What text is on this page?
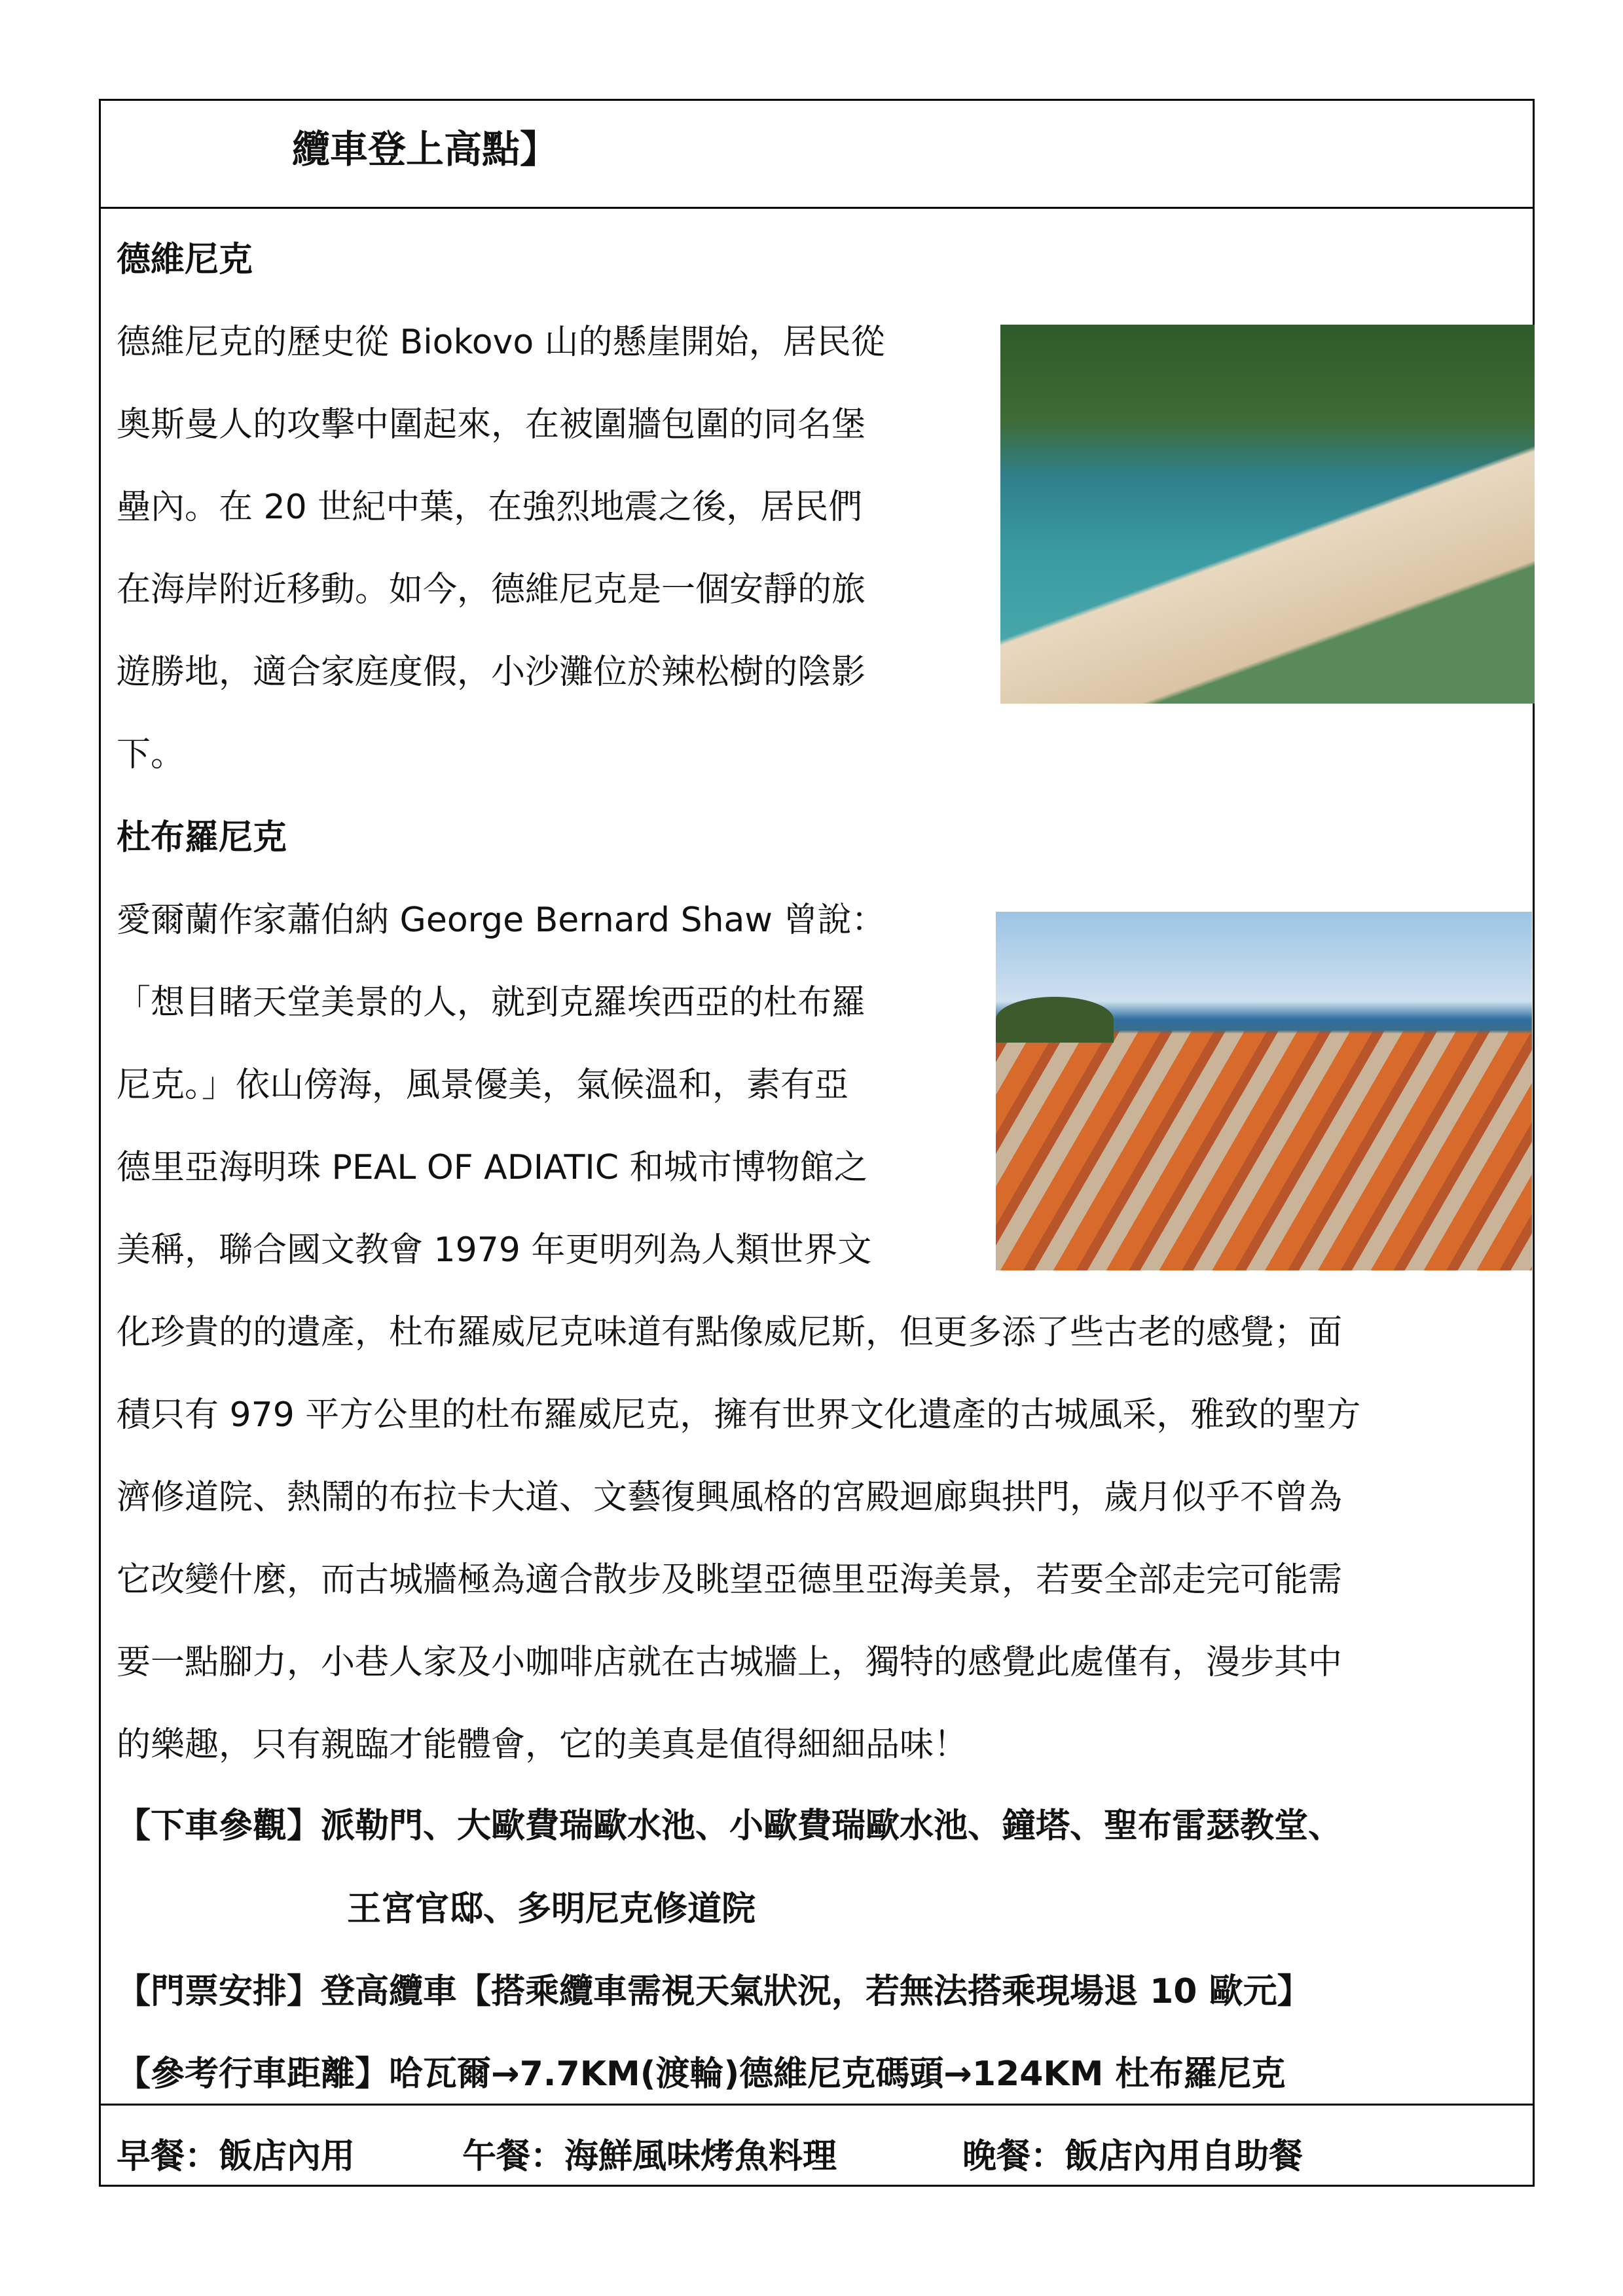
纜車登上高點】
德維尼克
德維尼克的歷史從 Biokovo 山的懸崖開始，居民從
奧斯曼人的攻擊中圍起來，在被圍牆包圍的同名堡
壘內。在 20 世紀中葉，在強烈地震之後，居民們
在海岸附近移動。如今，德維尼克是一個安靜的旅
遊勝地，適合家庭度假，小沙灘位於辣松樹的陰影
下。
杜布羅尼克
愛爾蘭作家蕭伯納 George Bernard Shaw 曾說：
「想目睹天堂美景的人，就到克羅埃西亞的杜布羅
尼克。」依山傍海，風景優美，氣候溫和，素有亞
德里亞海明珠 PEAL OF ADIATIC 和城市博物館之
美稱，聯合國文教會 1979 年更明列為人類世界文
化珍貴的的遺產，杜布羅威尼克味道有點像威尼斯，但更多添了些古老的感覺；面
積只有 979 平方公里的杜布羅威尼克，擁有世界文化遺產的古城風采，雅致的聖方
濟修道院、熱鬧的布拉卡大道、文藝復興風格的宮殿迴廊與拱門，歲月似乎不曾為
它改變什麼，而古城牆極為適合散步及眺望亞德里亞海美景，若要全部走完可能需
要一點腳力，小巷人家及小咖啡店就在古城牆上，獨特的感覺此處僅有，漫步其中
的樂趣，只有親臨才能體會，它的美真是值得細細品味！
【下車參觀】派勒門、大歐費瑞歐水池、小歐費瑞歐水池、鐘塔、聖布雷瑟教堂、
王宮官邸、多明尼克修道院
【門票安排】登高纜車【搭乘纜車需視天氣狀況，若無法搭乘現場退 10 歐元】
【參考行車距離】哈瓦爾→7.7KM(渡輪)德維尼克碼頭→124KM 杜布羅尼克
早餐：飯店內用	午餐：海鮮風味烤魚料理	晚餐：飯店內用自助餐
